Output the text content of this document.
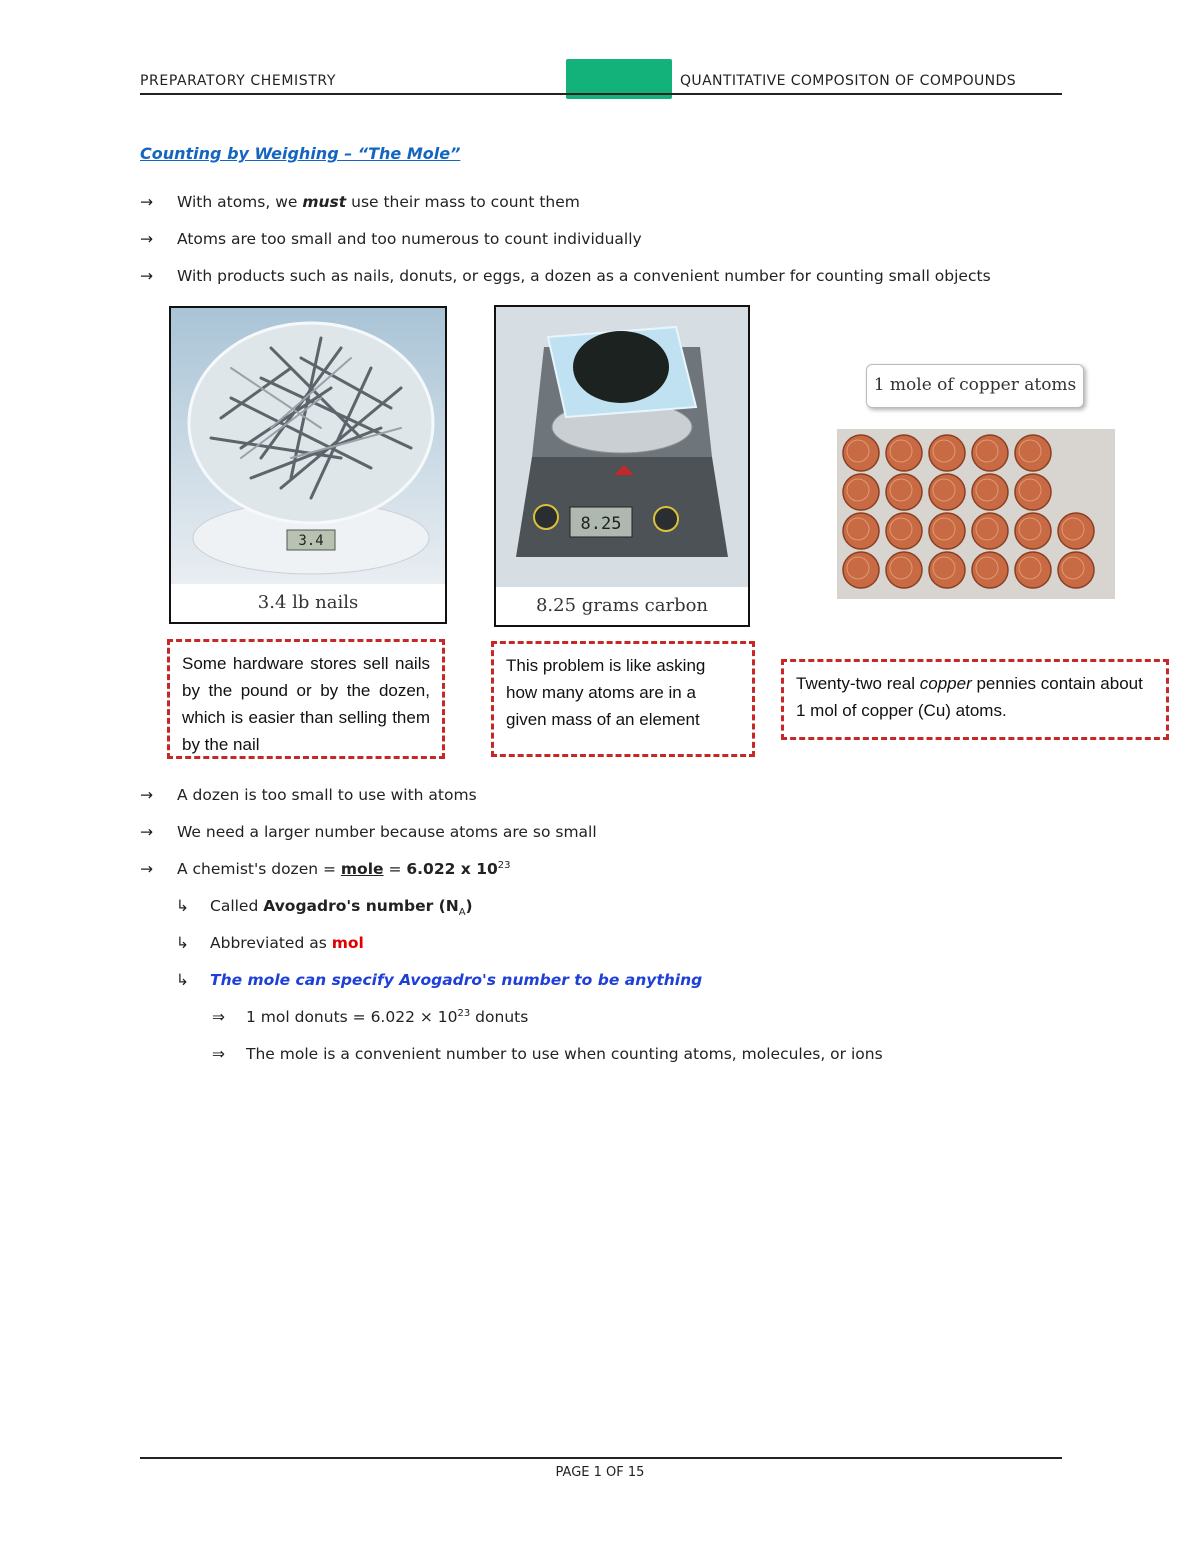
PREPARATORY CHEMISTRY	QUANTITATIVE COMPOSITON OF COMPOUNDS
Counting by Weighing – “The Mole”
→ With atoms, we must use their mass to count them
→ Atoms are too small and too numerous to count individually
→ With products such as nails, donuts, or eggs, a dozen as a convenient number for counting small objects
3.4
3.4 lb nails
8.25
8.25 grams carbon
1 mole of copper atoms
Some hardware stores sell nails by the pound or by the dozen, which is easier than selling them by the nail
This problem is like asking how many atoms are in a given mass of an element
Twenty-two real copper pennies contain about 1 mol of copper (Cu) atoms.
→ A dozen is too small to use with atoms
→ We need a larger number because atoms are so small
→ A chemist's dozen = mole = 6.022 x $10^{23}$
↳ Called Avogadro's number $(N_A)$
↳ Abbreviated as mol
↳ The mole can specify Avogadro's number to be anything
⇒ 1 mol donuts = $6.022 \times 10^{23}$ donuts
⇒ The mole is a convenient number to use when counting atoms, molecules, or ions
PAGE 1 OF 15
